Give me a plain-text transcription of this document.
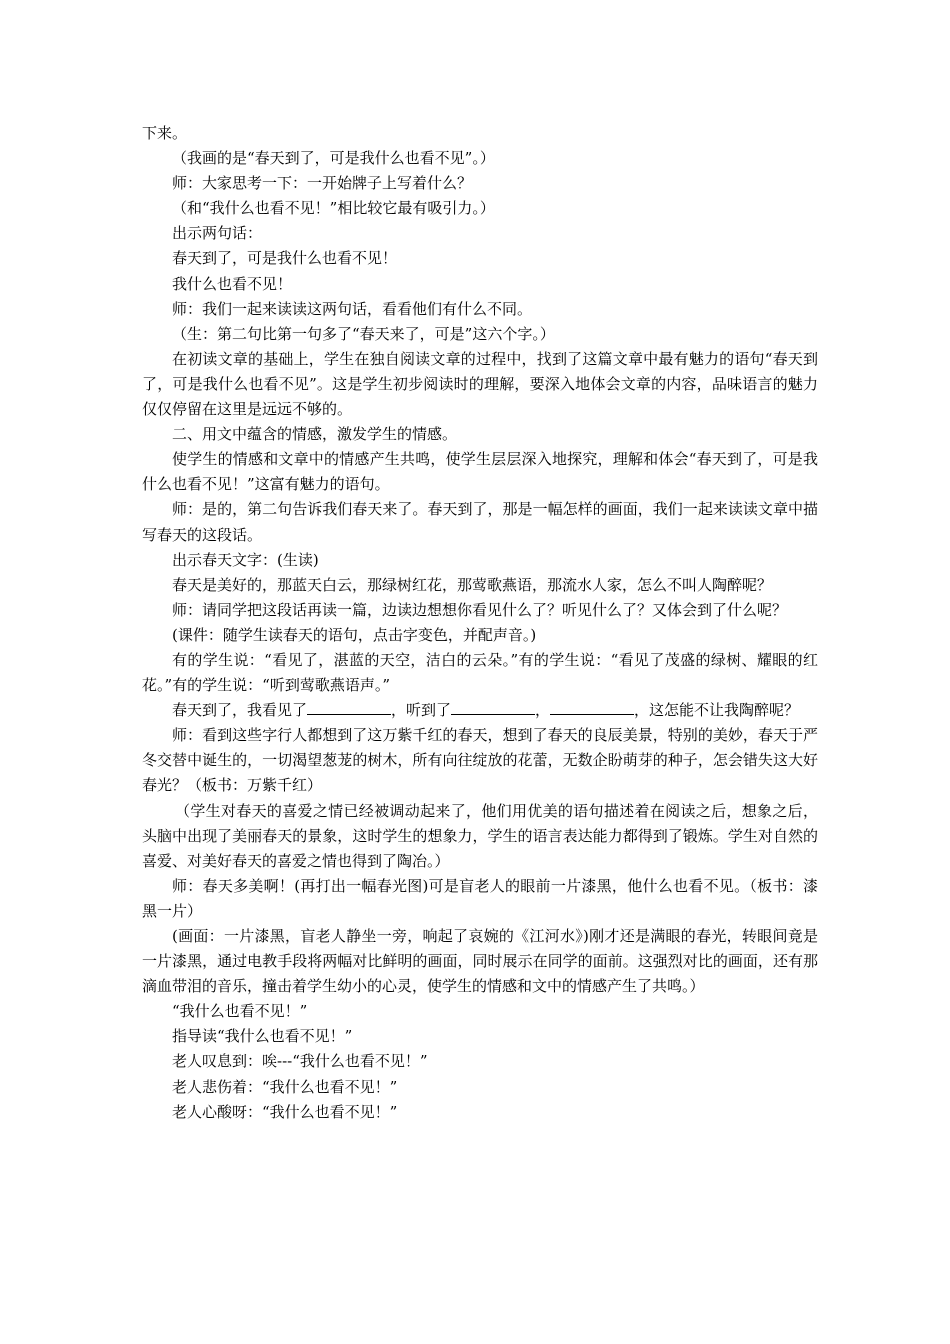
下来。

（我画的是“春天到了，可是我什么也看不见”。）

师：大家思考一下：一开始牌子上写着什么？

（和“我什么也看不见！”相比较它最有吸引力。）

出示两句话：

春天到了，可是我什么也看不见！

我什么也看不见！

师：我们一起来读读这两句话，看看他们有什么不同。

（生：第二句比第一句多了“春天来了，可是”这六个字。）

在初读文章的基础上，学生在独自阅读文章的过程中，找到了这篇文章中最有魅力的语句“春天到了，可是我什么也看不见”。这是学生初步阅读时的理解，要深入地体会文章的内容，品味语言的魅力仅仅停留在这里是远远不够的。

二、用文中蕴含的情感，激发学生的情感。

使学生的情感和文章中的情感产生共鸣，使学生层层深入地探究，理解和体会“春天到了，可是我什么也看不见！”这富有魅力的语句。

师：是的，第二句告诉我们春天来了。春天到了，那是一幅怎样的画面，我们一起来读读文章中描写春天的这段话。

出示春天文字：(生读)

春天是美好的，那蓝天白云，那绿树红花，那莺歌燕语，那流水人家，怎么不叫人陶醉呢？

师：请同学把这段话再读一篇，边读边想想你看见什么了？听见什么了？又体会到了什么呢？

(课件：随学生读春天的语句，点击字变色，并配声音。)

有的学生说：“看见了，湛蓝的天空，洁白的云朵。”有的学生说：“看见了茂盛的绿树、耀眼的红花。”有的学生说：“听到莺歌燕语声。”

春天到了，我看见了	，听到了	，	，这怎能不让我陶醉呢？

师：看到这些字行人都想到了这万紫千红的春天，想到了春天的良辰美景，特别的美妙，春天于严冬交替中诞生的，一切渴望葱茏的树木，所有向往绽放的花蕾，无数企盼萌芽的种子，怎会错失这大好春光？（板书：万紫千红）

（学生对春天的喜爱之情已经被调动起来了，他们用优美的语句描述着在阅读之后，想象之后，头脑中出现了美丽春天的景象，这时学生的想象力，学生的语言表达能力都得到了锻炼。学生对自然的喜爱、对美好春天的喜爱之情也得到了陶冶。）

师：春天多美啊！(再打出一幅春光图)可是盲老人的眼前一片漆黑，他什么也看不见。（板书：漆黑一片）

(画面：一片漆黑，盲老人静坐一旁，响起了哀婉的《江河水》)刚才还是满眼的春光，转眼间竟是一片漆黑，通过电教手段将两幅对比鲜明的画面，同时展示在同学的面前。这强烈对比的画面，还有那滴血带泪的音乐，撞击着学生幼小的心灵，使学生的情感和文中的情感产生了共鸣。）

“我什么也看不见！”

指导读“我什么也看不见！”

老人叹息到：唉---“我什么也看不见！”

老人悲伤着：“我什么也看不见！”

老人心酸呀：“我什么也看不见！”
